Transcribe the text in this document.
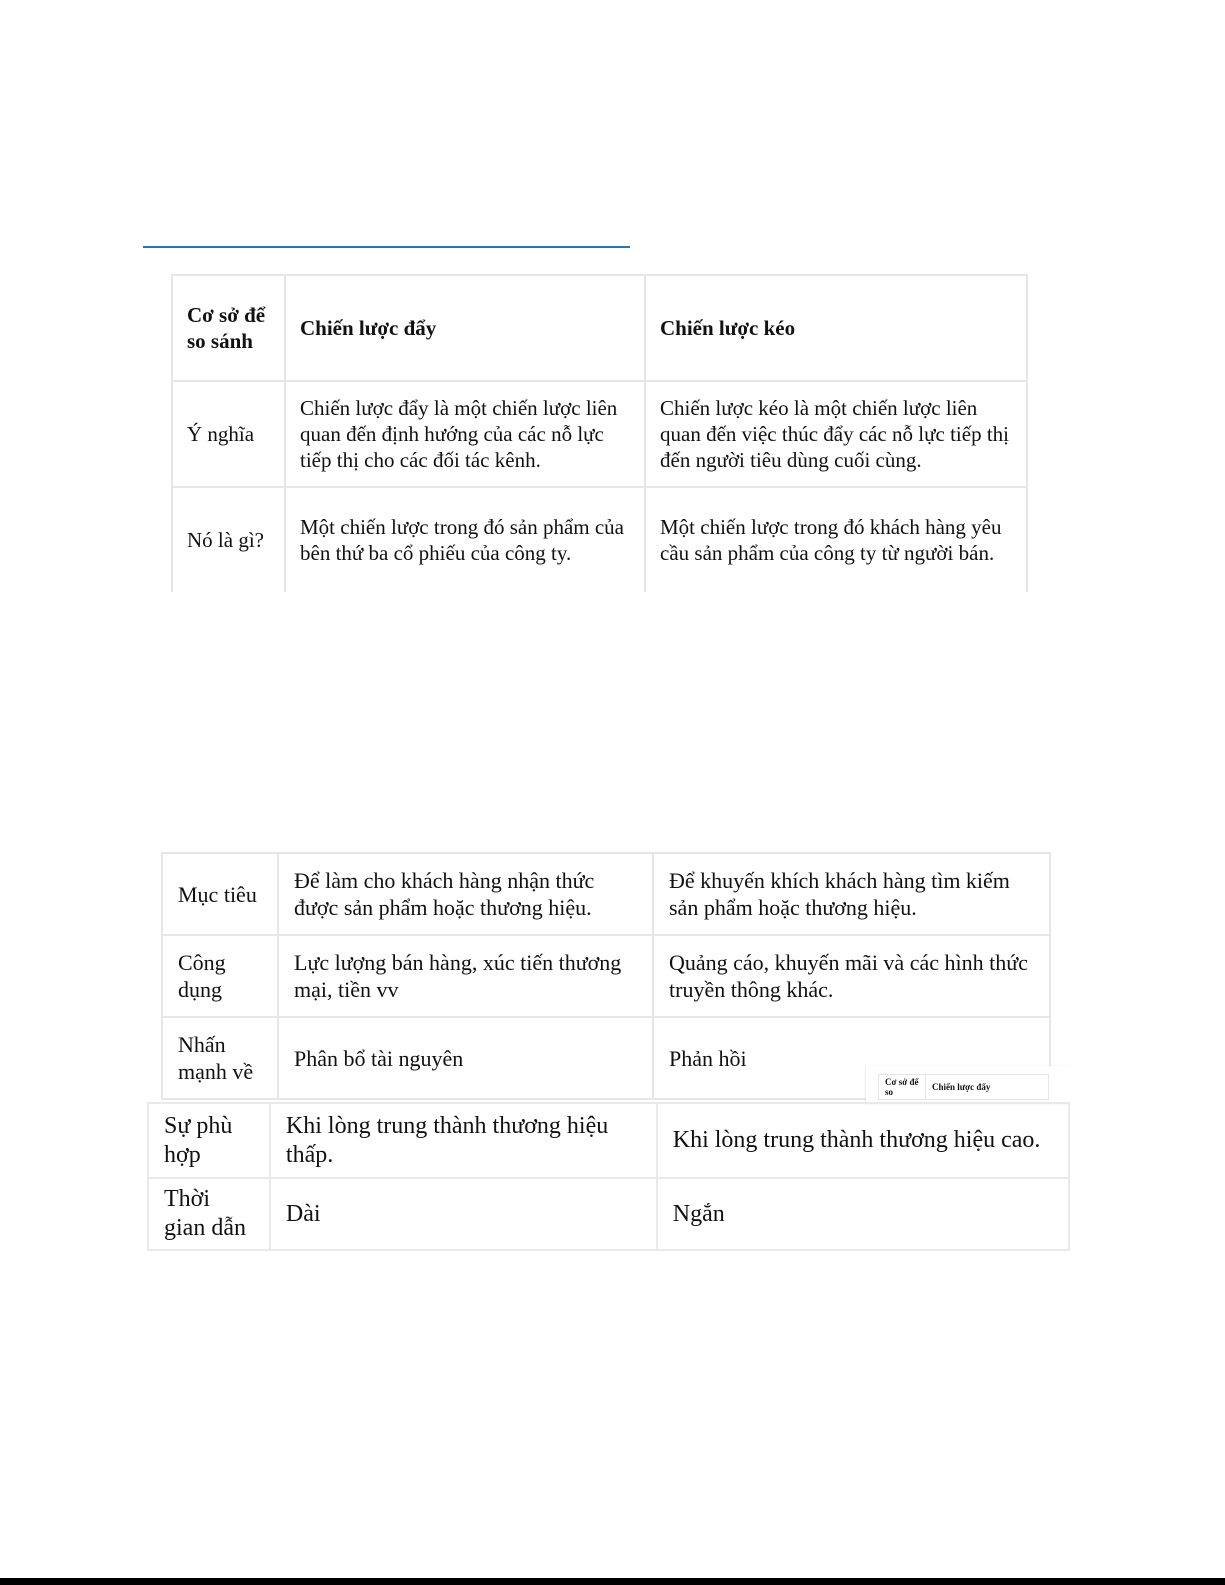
Cơ sở để so sánh	Chiến lược đẩy	Chiến lược kéo
Ý nghĩa	Chiến lược đẩy là một chiến lược liên quan đến định hướng của các nỗ lực tiếp thị cho các đối tác kênh.	Chiến lược kéo là một chiến lược liên quan đến việc thúc đẩy các nỗ lực tiếp thị đến người tiêu dùng cuối cùng.
Nó là gì?	Một chiến lược trong đó sản phẩm của bên thứ ba cổ phiếu của công ty.	Một chiến lược trong đó khách hàng yêu cầu sản phẩm của công ty từ người bán.
Mục tiêu	Để làm cho khách hàng nhận thức được sản phẩm hoặc thương hiệu.	Để khuyến khích khách hàng tìm kiếm sản phẩm hoặc thương hiệu.
Công dụng	Lực lượng bán hàng, xúc tiến thương mại, tiền vv	Quảng cáo, khuyến mãi và các hình thức truyền thông khác.
Nhấn mạnh về	Phân bổ tài nguyên	Phản hồi
Cơ sở để so	Chiến lược đẩy
Sự phù hợp	Khi lòng trung thành thương hiệu thấp.	Khi lòng trung thành thương hiệu cao.
Thời gian dẫn	Dài	Ngắn
